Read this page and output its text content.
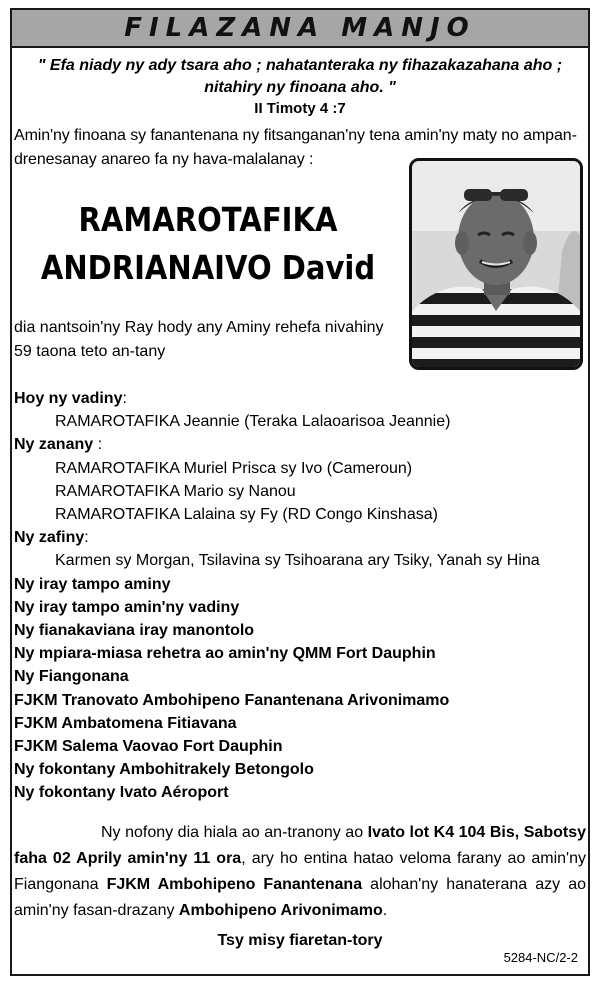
FILAZANA MANJO
" Efa niady ny ady tsara aho ; nahatanteraka ny fihazakazahana aho ;
nitahiry ny finoana aho. "
II Timoty 4 :7
Amin'ny finoana sy fanantenana ny fitsanganan'ny tena amin'ny maty no ampan-
drenesanay anareo fa ny hava-malalanay :
RAMAROTAFIKA
ANDRIANAIVO David
dia nantsoin'ny Ray hody any Aminy rehefa nivahiny
59 taona teto an-tany
Hoy ny vadiny:
RAMAROTAFIKA Jeannie (Teraka Lalaoarisoa Jeannie)
Ny zanany :
RAMAROTAFIKA Muriel Prisca sy Ivo (Cameroun)
RAMAROTAFIKA Mario sy Nanou
RAMAROTAFIKA Lalaina sy Fy (RD Congo Kinshasa)
Ny zafiny:
Karmen sy Morgan, Tsilavina sy Tsihoarana ary Tsiky, Yanah sy Hina
Ny iray tampo aminy
Ny iray tampo amin'ny vadiny
Ny fianakaviana iray manontolo
Ny mpiara-miasa rehetra ao amin'ny QMM Fort Dauphin
Ny Fiangonana
FJKM Tranovato Ambohipeno Fanantenana Arivonimamo
FJKM Ambatomena Fitiavana
FJKM Salema Vaovao Fort Dauphin
Ny fokontany Ambohitrakely Betongolo
Ny fokontany Ivato Aéroport
Ny nofony dia hiala ao an-tranony ao Ivato lot K4 104 Bis, Sabotsy faha 02 Aprily amin'ny 11 ora, ary ho entina hatao veloma farany ao amin'ny Fiangonana FJKM Ambohipeno Fanantenana alohan'ny hanaterana azy ao amin'ny fasan-drazany Ambohipeno Arivonimamo.
Tsy misy fiaretan-tory
5284-NC/2-2
